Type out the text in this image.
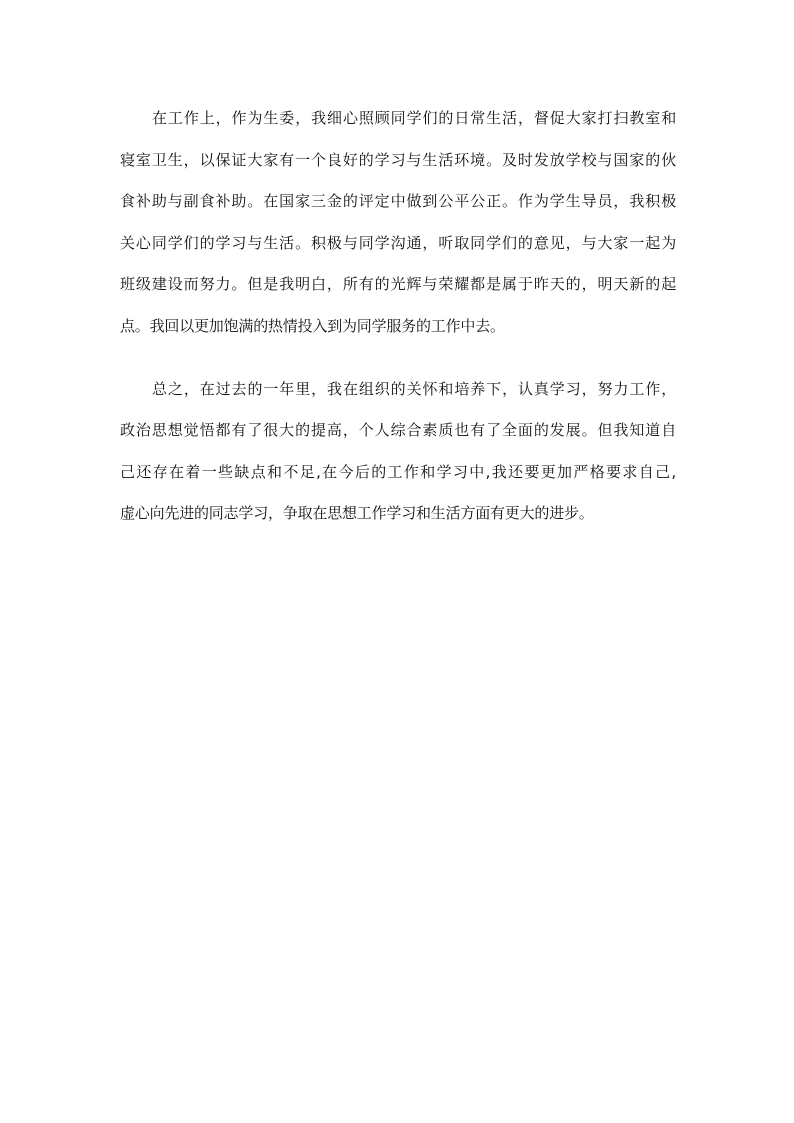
在工作上，作为生委，我细心照顾同学们的日常生活，督促大家打扫教室和
寝室卫生，以保证大家有一个良好的学习与生活环境。及时发放学校与国家的伙
食补助与副食补助。在国家三金的评定中做到公平公正。作为学生导员，我积极
关心同学们的学习与生活。积极与同学沟通，听取同学们的意见，与大家一起为
班级建设而努力。但是我明白，所有的光辉与荣耀都是属于昨天的，明天新的起
点。我回以更加饱满的热情投入到为同学服务的工作中去。
总之，在过去的一年里，我在组织的关怀和培养下，认真学习，努力工作，
政治思想觉悟都有了很大的提高，个人综合素质也有了全面的发展。但我知道自
己还存在着一些缺点和不足,在今后的工作和学习中,我还要更加严格要求自己,
虚心向先进的同志学习，争取在思想工作学习和生活方面有更大的进步。
